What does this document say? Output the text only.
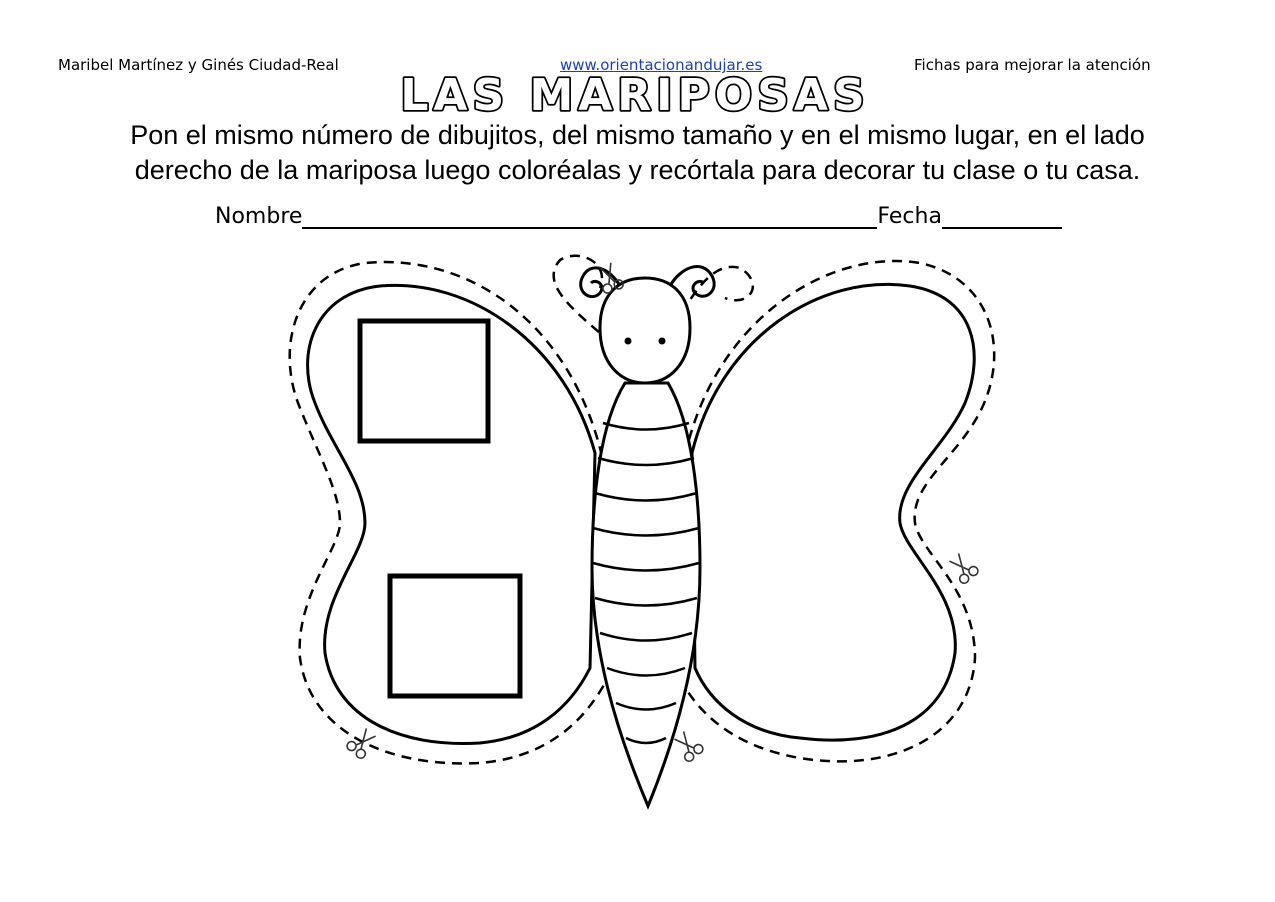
Maribel Martínez y Ginés Ciudad-Real	www.orientacionandujar.es	Fichas para mejorar la atención
LAS MARIPOSAS
Pon el mismo número de dibujitos, del mismo tamaño y en el mismo lugar, en el lado
derecho de la mariposa luego coloréalas y recórtala para decorar tu clase o tu casa.
Nombre	Fecha
